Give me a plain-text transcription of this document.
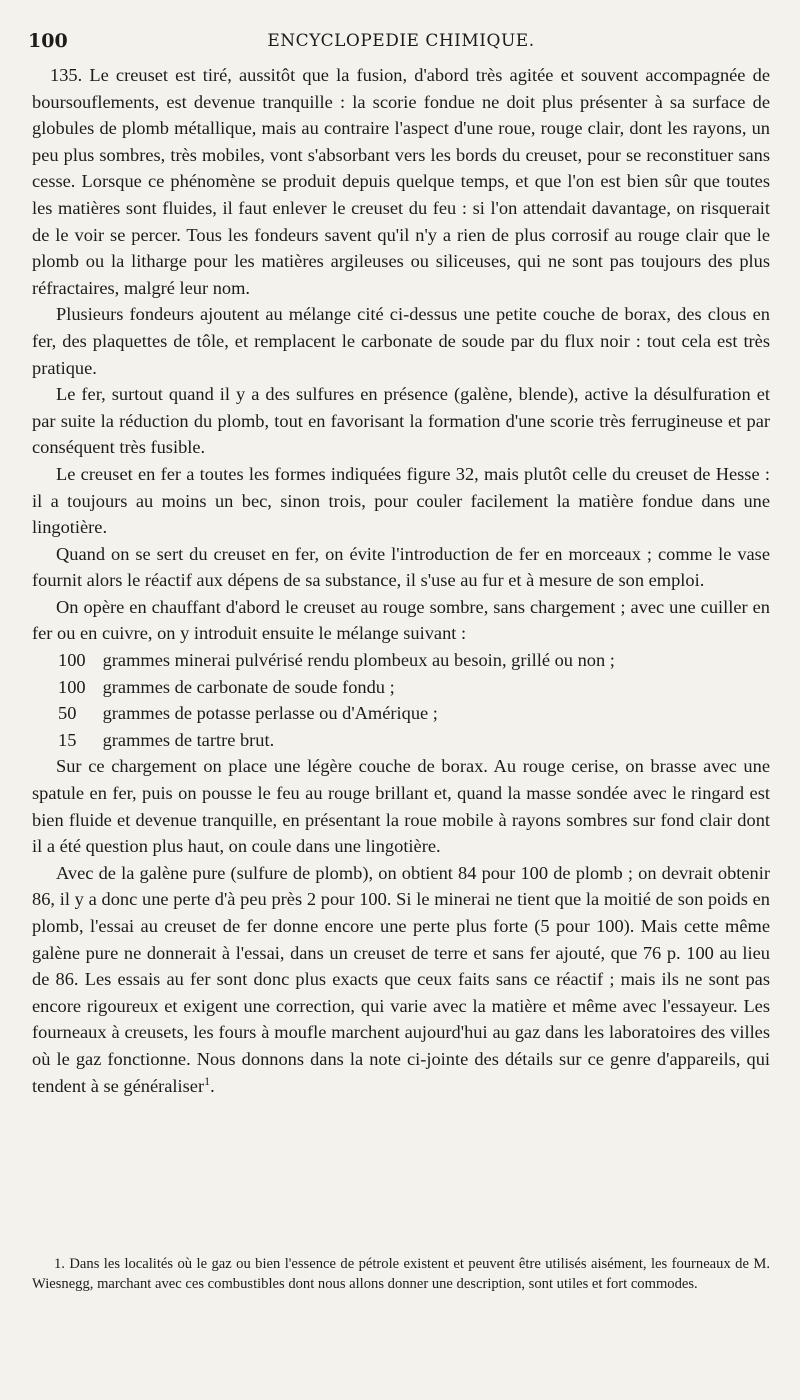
100	ENCYCLOPEDIE CHIMIQUE.

135. Le creuset est tiré, aussitôt que la fusion, d'abord très agitée et souvent accompagnée de boursouflements, est devenue tranquille : la scorie fondue ne doit plus présenter à sa surface de globules de plomb métallique, mais au contraire l'aspect d'une roue, rouge clair, dont les rayons, un peu plus sombres, très mobiles, vont s'absorbant vers les bords du creuset, pour se reconstituer sans cesse. Lorsque ce phénomène se produit depuis quelque temps, et que l'on est bien sûr que toutes les matières sont fluides, il faut enlever le creuset du feu : si l'on attendait davantage, on risquerait de le voir se percer. Tous les fondeurs savent qu'il n'y a rien de plus corrosif au rouge clair que le plomb ou la litharge pour les matières argileuses ou siliceuses, qui ne sont pas toujours des plus réfractaires, malgré leur nom.

Plusieurs fondeurs ajoutent au mélange cité ci-dessus une petite couche de borax, des clous en fer, des plaquettes de tôle, et remplacent le carbonate de soude par du flux noir : tout cela est très pratique.

Le fer, surtout quand il y a des sulfures en présence (galène, blende), active la désulfuration et par suite la réduction du plomb, tout en favorisant la formation d'une scorie très ferrugineuse et par conséquent très fusible.

Le creuset en fer a toutes les formes indiquées figure 32, mais plutôt celle du creuset de Hesse : il a toujours au moins un bec, sinon trois, pour couler facilement la matière fondue dans une lingotière.

Quand on se sert du creuset en fer, on évite l'introduction de fer en morceaux ; comme le vase fournit alors le réactif aux dépens de sa substance, il s'use au fur et à mesure de son emploi.

On opère en chauffant d'abord le creuset au rouge sombre, sans chargement ; avec une cuiller en fer ou en cuivre, on y introduit ensuite le mélange suivant :

100 grammes minerai pulvérisé rendu plombeux au besoin, grillé ou non ;
100 grammes de carbonate de soude fondu ;
50 grammes de potasse perlasse ou d'Amérique ;
15 grammes de tartre brut.

Sur ce chargement on place une légère couche de borax. Au rouge cerise, on brasse avec une spatule en fer, puis on pousse le feu au rouge brillant et, quand la masse sondée avec le ringard est bien fluide et devenue tranquille, en présentant la roue mobile à rayons sombres sur fond clair dont il a été question plus haut, on coule dans une lingotière.

Avec de la galène pure (sulfure de plomb), on obtient 84 pour 100 de plomb ; on devrait obtenir 86, il y a donc une perte d'à peu près 2 pour 100. Si le minerai ne tient que la moitié de son poids en plomb, l'essai au creuset de fer donne encore une perte plus forte (5 pour 100). Mais cette même galène pure ne donnerait à l'essai, dans un creuset de terre et sans fer ajouté, que 76 p. 100 au lieu de 86. Les essais au fer sont donc plus exacts que ceux faits sans ce réactif ; mais ils ne sont pas encore rigoureux et exigent une correction, qui varie avec la matière et même avec l'essayeur. Les fourneaux à creusets, les fours à moufle marchent aujourd'hui au gaz dans les laboratoires des villes où le gaz fonctionne. Nous donnons dans la note ci-jointe des détails sur ce genre d'appareils, qui tendent à se généraliser$^1$.

1. Dans les localités où le gaz ou bien l'essence de pétrole existent et peuvent être utilisés aisément, les fourneaux de M. Wiesnegg, marchant avec ces combustibles dont nous allons donner une description, sont utiles et fort commodes.
